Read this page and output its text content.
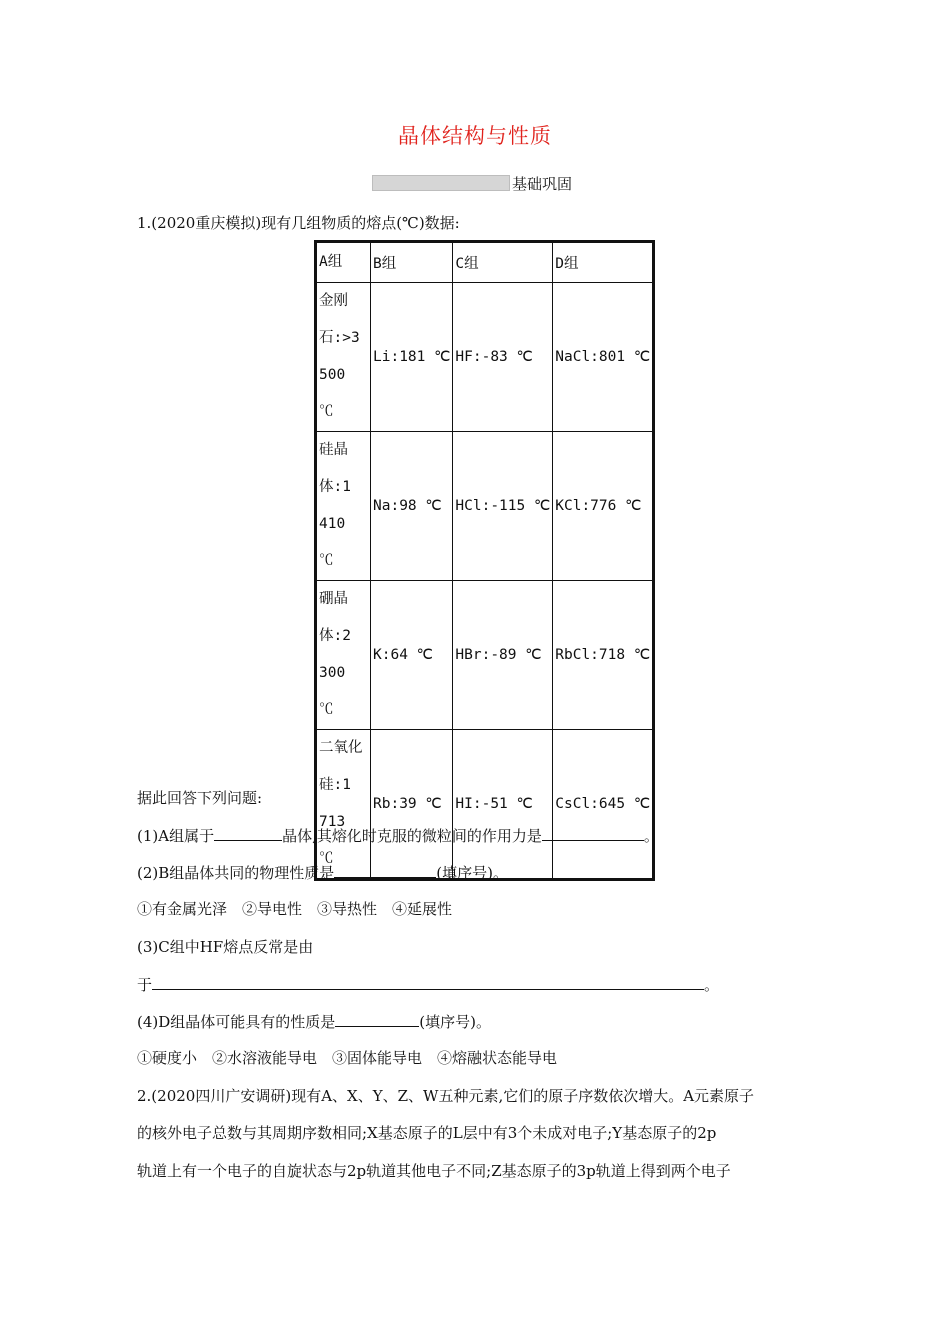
晶体结构与性质
基础巩固
1.(2020重庆模拟)现有几组物质的熔点(℃)数据:
A组	B组	C组	D组
金刚石:>3 500 ℃	Li:181 ℃	HF:-83 ℃	NaCl:801 ℃
硅晶体:1 410 ℃	Na:98 ℃	HCl:-115 ℃	KCl:776 ℃
硼晶体:2 300 ℃	K:64 ℃	HBr:-89 ℃	RbCl:718 ℃
二氧化硅:1 713 ℃	Rb:39 ℃	HI:-51 ℃	CsCl:645 ℃
据此回答下列问题:
(1)A组属于	晶体,其熔化时克服的微粒间的作用力是	。
(2)B组晶体共同的物理性质是	(填序号)。
①有金属光泽　②导电性　③导热性　④延展性
(3)C组中HF熔点反常是由
于	。
(4)D组晶体可能具有的性质是	(填序号)。
①硬度小　②水溶液能导电　③固体能导电　④熔融状态能导电
2.(2020四川广安调研)现有A、X、Y、Z、W五种元素,它们的原子序数依次增大。A元素原子
的核外电子总数与其周期序数相同;X基态原子的L层中有3个未成对电子;Y基态原子的2p
轨道上有一个电子的自旋状态与2p轨道其他电子不同;Z基态原子的3p轨道上得到两个电子
